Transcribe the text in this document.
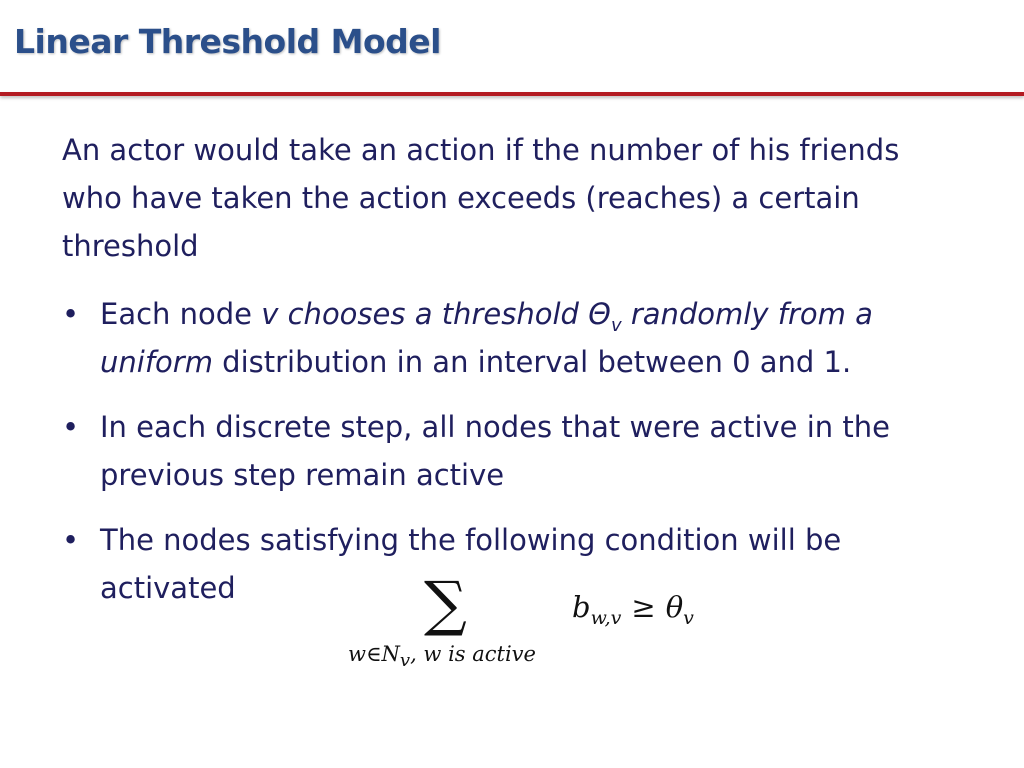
Linear Threshold Model
An actor would take an action if the number of his friends who have taken the action exceeds (reaches) a certain threshold
• Each node v chooses a threshold $\Theta_v$ randomly from a uniform distribution in an interval between 0 and 1.
• In each discrete step, all nodes that were active in the previous step remain active
• The nodes satisfying the following condition will be activated	∑
$w\in N_v$, w is active
$b_{w,v} \ge \theta_v$
